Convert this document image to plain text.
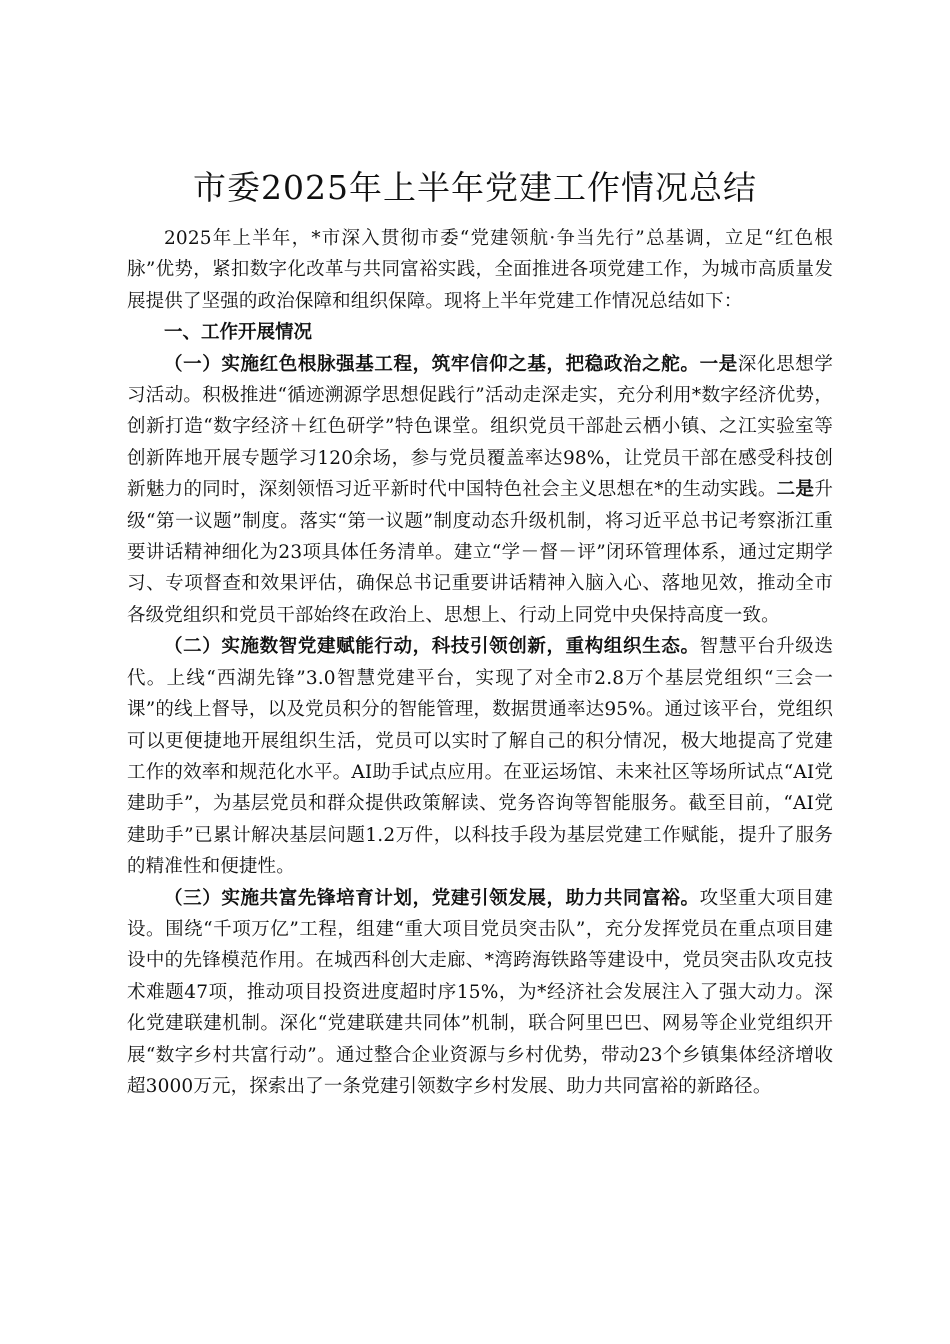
市委2025年上半年党建工作情况总结

2025年上半年，*市深入贯彻市委“党建领航·争当先行”总基调，立足“红色根脉”优势，紧扣数字化改革与共同富裕实践，全面推进各项党建工作，为城市高质量发展提供了坚强的政治保障和组织保障。现将上半年党建工作情况总结如下：

一、工作开展情况

（一）实施红色根脉强基工程，筑牢信仰之基，把稳政治之舵。一是深化思想学习活动。积极推进“循迹溯源学思想促践行”活动走深走实，充分利用*数字经济优势，创新打造“数字经济＋红色研学”特色课堂。组织党员干部赴云栖小镇、之江实验室等创新阵地开展专题学习120余场，参与党员覆盖率达98%，让党员干部在感受科技创新魅力的同时，深刻领悟习近平新时代中国特色社会主义思想在*的生动实践。二是升级“第一议题”制度。落实“第一议题”制度动态升级机制，将习近平总书记考察浙江重要讲话精神细化为23项具体任务清单。建立“学－督－评”闭环管理体系，通过定期学习、专项督查和效果评估，确保总书记重要讲话精神入脑入心、落地见效，推动全市各级党组织和党员干部始终在政治上、思想上、行动上同党中央保持高度一致。

（二）实施数智党建赋能行动，科技引领创新，重构组织生态。智慧平台升级迭代。上线“西湖先锋”3.0智慧党建平台，实现了对全市2.8万个基层党组织“三会一课”的线上督导，以及党员积分的智能管理，数据贯通率达95%。通过该平台，党组织可以更便捷地开展组织生活，党员可以实时了解自己的积分情况，极大地提高了党建工作的效率和规范化水平。AI助手试点应用。在亚运场馆、未来社区等场所试点“AI党建助手”，为基层党员和群众提供政策解读、党务咨询等智能服务。截至目前，“AI党建助手”已累计解决基层问题1.2万件，以科技手段为基层党建工作赋能，提升了服务的精准性和便捷性。

（三）实施共富先锋培育计划，党建引领发展，助力共同富裕。攻坚重大项目建设。围绕“千项万亿”工程，组建“重大项目党员突击队”，充分发挥党员在重点项目建设中的先锋模范作用。在城西科创大走廊、*湾跨海铁路等建设中，党员突击队攻克技术难题47项，推动项目投资进度超时序15%，为*经济社会发展注入了强大动力。深化党建联建机制。深化“党建联建共同体”机制，联合阿里巴巴、网易等企业党组织开展“数字乡村共富行动”。通过整合企业资源与乡村优势，带动23个乡镇集体经济增收超3000万元，探索出了一条党建引领数字乡村发展、助力共同富裕的新路径。
